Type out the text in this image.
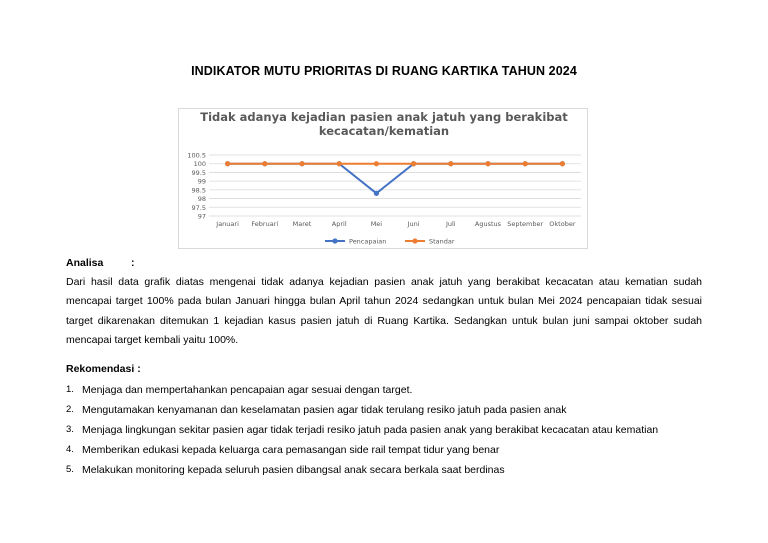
INDIKATOR MUTU PRIORITAS DI RUANG KARTIKA TAHUN 2024
Tidak adanya kejadian pasien anak jatuh yang berakibat
kecacatan/kematian
100.5
100
99.5
99
98.5
98
97.5
97
Januari Februari Maret	April	Mei	Juni	Juli	Agustus September Oktober
Pencapaian	Standar
Analisa	:
Dari hasil data grafik diatas mengenai tidak adanya kejadian pasien anak jatuh yang berakibat kecacatan atau kematian sudah mencapai target 100% pada bulan Januari hingga bulan April tahun 2024 sedangkan untuk bulan Mei 2024 pencapaian tidak sesuai target dikarenakan ditemukan 1 kejadian kasus pasien jatuh di Ruang Kartika. Sedangkan untuk bulan juni sampai oktober sudah mencapai target kembali yaitu 100%.
Rekomendasi :
1. Menjaga dan mempertahankan pencapaian agar sesuai dengan target.
2. Mengutamakan kenyamanan dan keselamatan pasien agar tidak terulang resiko jatuh pada pasien anak
3. Menjaga lingkungan sekitar pasien agar tidak terjadi resiko jatuh pada pasien anak yang berakibat kecacatan atau kematian
4. Memberikan edukasi kepada keluarga cara pemasangan side rail tempat tidur yang benar
5. Melakukan monitoring kepada seluruh pasien dibangsal anak secara berkala saat berdinas
